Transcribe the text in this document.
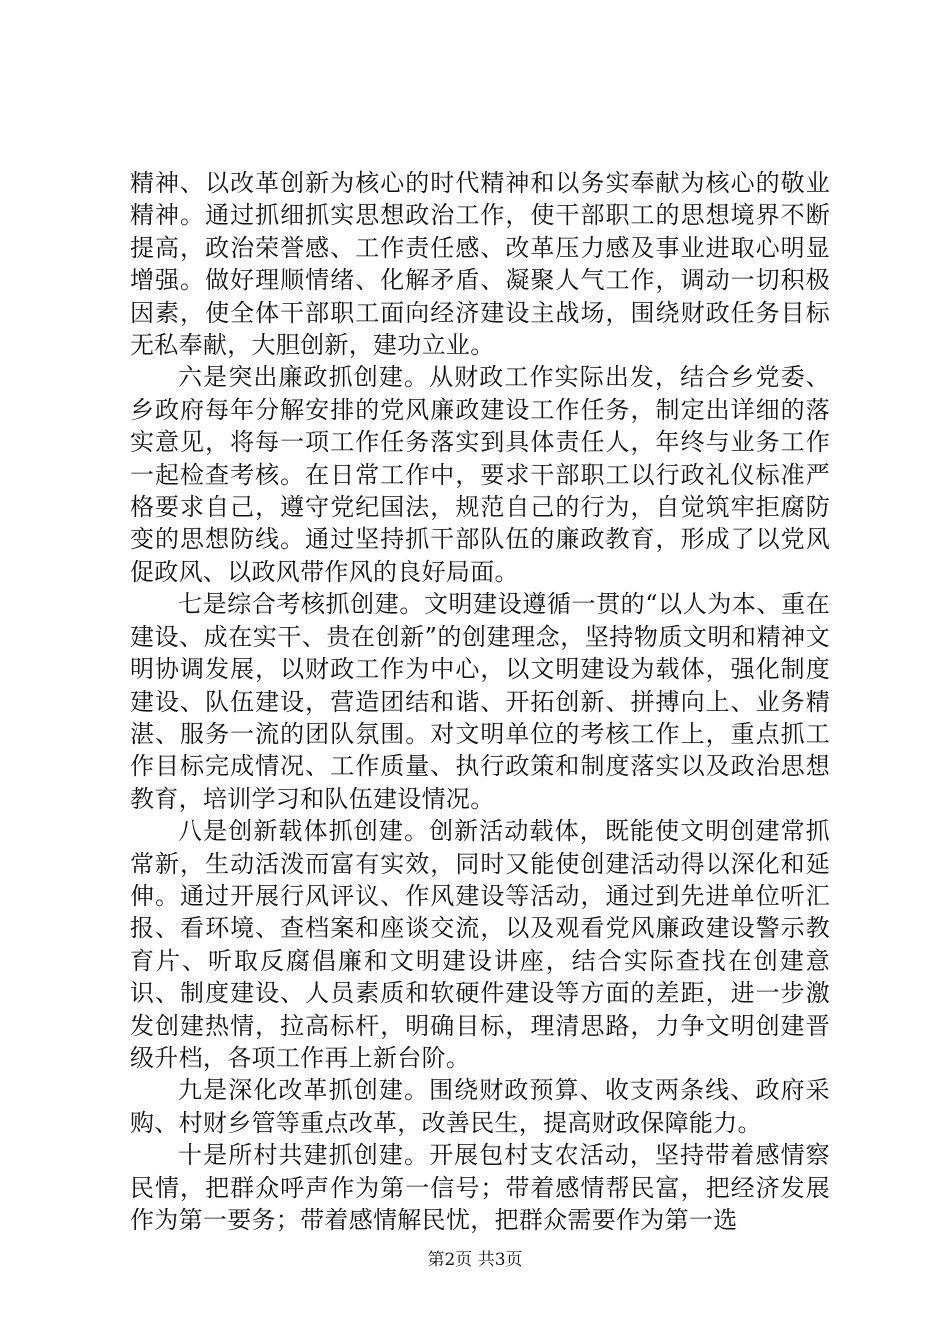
精神、以改革创新为核心的时代精神和以务实奉献为核心的敬业精神。通过抓细抓实思想政治工作，使干部职工的思想境界不断提高，政治荣誉感、工作责任感、改革压力感及事业进取心明显增强。做好理顺情绪、化解矛盾、凝聚人气工作，调动一切积极因素，使全体干部职工面向经济建设主战场，围绕财政任务目标无私奉献，大胆创新，建功立业。

六是突出廉政抓创建。从财政工作实际出发，结合乡党委、乡政府每年分解安排的党风廉政建设工作任务，制定出详细的落实意见，将每一项工作任务落实到具体责任人，年终与业务工作一起检查考核。在日常工作中，要求干部职工以行政礼仪标准严格要求自己，遵守党纪国法，规范自己的行为，自觉筑牢拒腐防变的思想防线。通过坚持抓干部队伍的廉政教育，形成了以党风促政风、以政风带作风的良好局面。

七是综合考核抓创建。文明建设遵循一贯的“以人为本、重在建设、成在实干、贵在创新”的创建理念，坚持物质文明和精神文明协调发展，以财政工作为中心，以文明建设为载体，强化制度建设、队伍建设，营造团结和谐、开拓创新、拼搏向上、业务精湛、服务一流的团队氛围。对文明单位的考核工作上，重点抓工作目标完成情况、工作质量、执行政策和制度落实以及政治思想教育，培训学习和队伍建设情况。

八是创新载体抓创建。创新活动载体，既能使文明创建常抓常新，生动活泼而富有实效，同时又能使创建活动得以深化和延伸。通过开展行风评议、作风建设等活动，通过到先进单位听汇报、看环境、查档案和座谈交流，以及观看党风廉政建设警示教育片、听取反腐倡廉和文明建设讲座，结合实际查找在创建意识、制度建设、人员素质和软硬件建设等方面的差距，进一步激发创建热情，拉高标杆，明确目标，理清思路，力争文明创建晋级升档，各项工作再上新台阶。

九是深化改革抓创建。围绕财政预算、收支两条线、政府采购、村财乡管等重点改革，改善民生，提高财政保障能力。

十是所村共建抓创建。开展包村支农活动，坚持带着感情察民情，把群众呼声作为第一信号；带着感情帮民富，把经济发展作为第一要务；带着感情解民忧，把群众需要作为第一选

第2页 共3页
